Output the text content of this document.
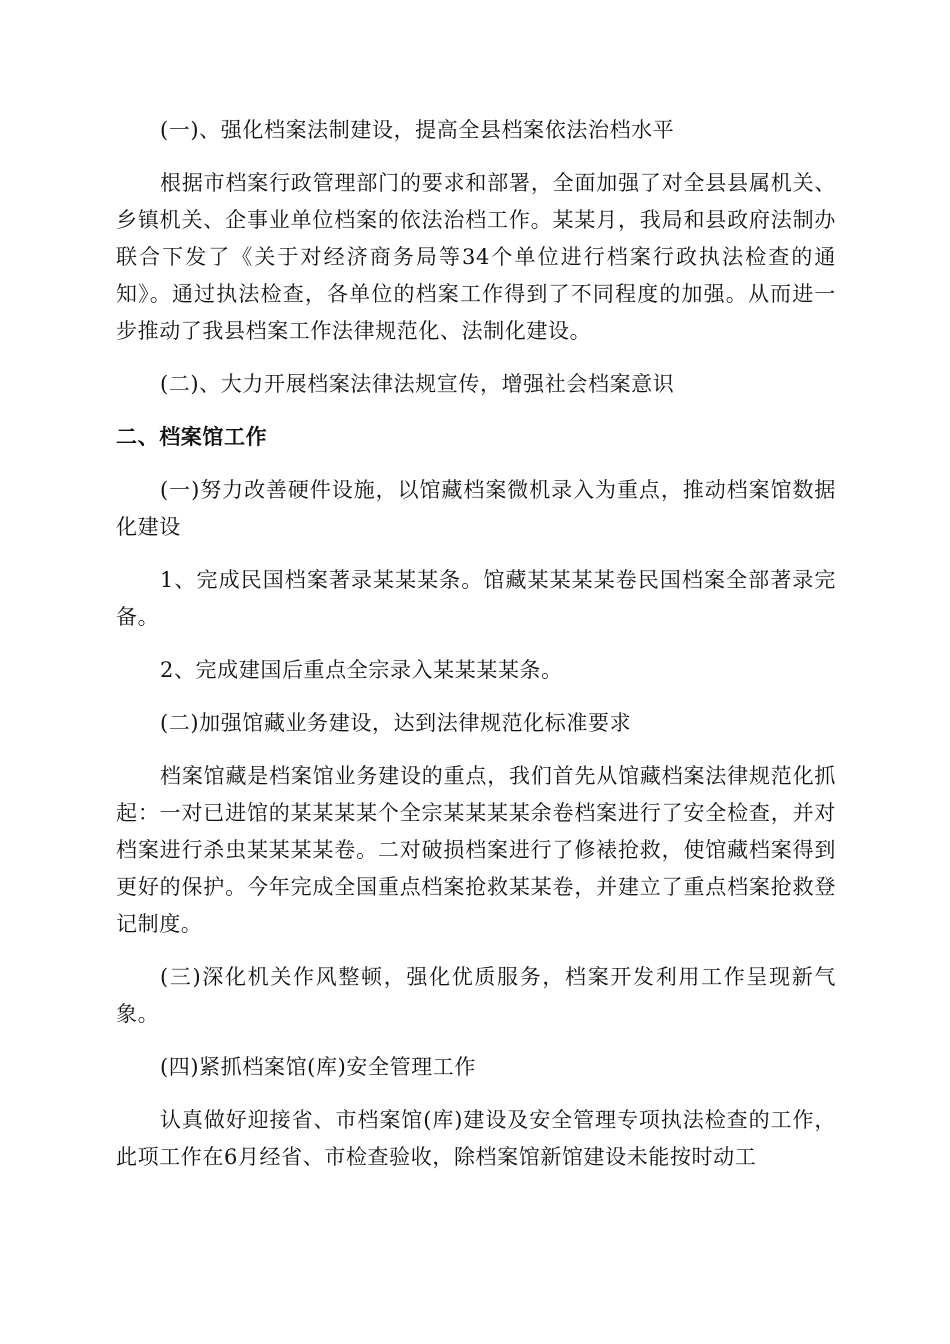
(一)、强化档案法制建设，提高全县档案依法治档水平

根据市档案行政管理部门的要求和部署，全面加强了对全县县属机关、乡镇机关、企事业单位档案的依法治档工作。某某月，我局和县政府法制办联合下发了《关于对经济商务局等34个单位进行档案行政执法检查的通知》。通过执法检查，各单位的档案工作得到了不同程度的加强。从而进一步推动了我县档案工作法律规范化、法制化建设。

(二)、大力开展档案法律法规宣传，增强社会档案意识

二、档案馆工作

(一)努力改善硬件设施，以馆藏档案微机录入为重点，推动档案馆数据化建设

1、完成民国档案著录某某某条。馆藏某某某某卷民国档案全部著录完备。

2、完成建国后重点全宗录入某某某某条。

(二)加强馆藏业务建设，达到法律规范化标准要求

档案馆藏是档案馆业务建设的重点，我们首先从馆藏档案法律规范化抓起：一对已进馆的某某某某个全宗某某某某余卷档案进行了安全检查，并对档案进行杀虫某某某某卷。二对破损档案进行了修裱抢救，使馆藏档案得到更好的保护。今年完成全国重点档案抢救某某卷，并建立了重点档案抢救登记制度。

(三)深化机关作风整顿，强化优质服务，档案开发利用工作呈现新气象。

(四)紧抓档案馆(库)安全管理工作

认真做好迎接省、市档案馆(库)建设及安全管理专项执法检查的工作，此项工作在6月经省、市检查验收，除档案馆新馆建设未能按时动工
